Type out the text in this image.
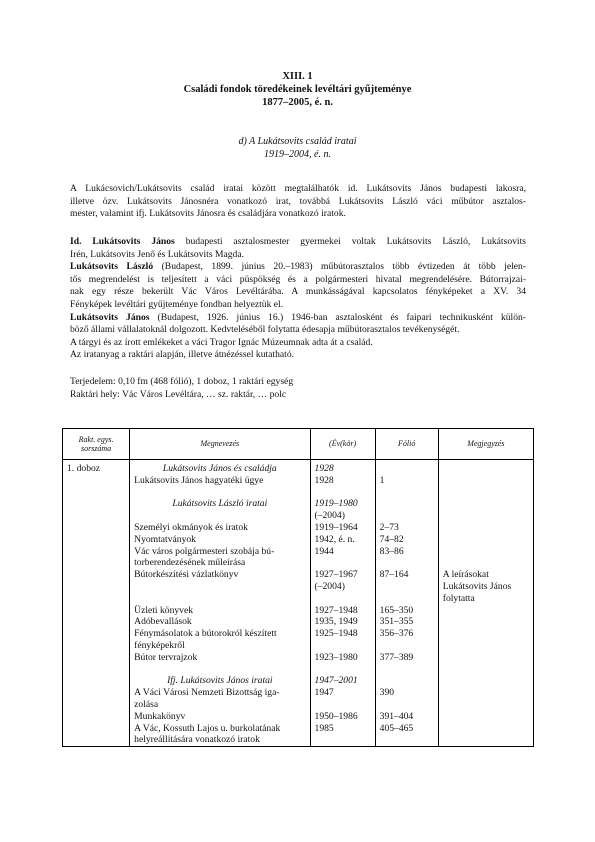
XIII. 1
Családi fondok töredékeinek levéltári gyűjteménye
1877–2005, é. n.
d) A Lukátsovits család iratai
1919–2004, é. n.
A Lukácsovich/Lukátsovits család iratai között megtalálhatók id. Lukátsovits János budapesti lakosra,
illetve özv. Lukátsovits Jánosnéra vonatkozó irat, továbbá Lukátsovits László váci műbútor asztalos-
mester, valamint ifj. Lukátsovits Jánosra és családjára vonatkozó iratok.
Id. Lukátsovits János budapesti asztalosmester gyermekei voltak Lukátsovits László, Lukátsovits
Irén, Lukátsovits Jenő és Lukátsovits Magda.
Lukátsovits László (Budapest, 1899. június 20.–1983) műbútorasztalos több évtizeden át több jelen-
tős megrendelést is teljesített a váci püspökség és a polgármesteri hivatal megrendelésére. Bútorrajzai-
nak egy része bekerült Vác Város Levéltárába. A munkásságával kapcsolatos fényképeket a XV. 34
Fényképek levéltári gyűjteménye fondban helyeztük el.
Lukátsovits János (Budapest, 1926. június 16.) 1946-ban asztalosként és faipari technikusként külön-
böző állami vállalatoknál dolgozott. Kedvteléséből folytatta édesapja műbútorasztalos tevékenységét.
A tárgyi és az írott emlékeket a váci Tragor Ignác Múzeumnak adta át a család.
Az iratanyag a raktári alapján, illetve átnézéssel kutatható.
Terjedelem: 0,10 fm (468 fólió), 1 doboz, 1 raktári egység
Raktári hely: Vác Város Levéltára, … sz. raktár, … polc
Rakt. egys.
sorszáma	Megnevezés	(Év(kör)	Fólió	Megjegyzés
1. doboz	Lukátsovits János és családja	1928		
	Lukátsovits János hagyatéki ügye	1928	1	

	Lukátsovits László iratai	1919–1980		
		(–2004)		
	Személyi okmányok és iratok	1919–1964	2–73	
	Nyomtatványok	1942, é. n.	74–82	
	Vác város polgármesteri szobája bú-	1944	83–86	
	torberendezésének műleírása			
	Bútorkészítési vázlatkönyv	1927–1967	87–164	A leírásokat
		(–2004)		Lukátsovits János
				folytatta
	Üzleti könyvek	1927–1948	165–350	
	Adóbevallások	1935, 1949	351–355	
	Fénymásolatok a bútorokról készített	1925–1948	356–376	
	fényképekről			
	Bútor tervrajzok	1923–1980	377–389	

	Ifj. Lukátsovits János iratai	1947–2001		
	A Váci Városi Nemzeti Bizottság iga-	1947	390	
	zolása			
	Munkakönyv	1950–1986	391–404	
	A Vác, Kossuth Lajos u. burkolatának	1985	405–465	
	helyreállítására vonatkozó iratok			
